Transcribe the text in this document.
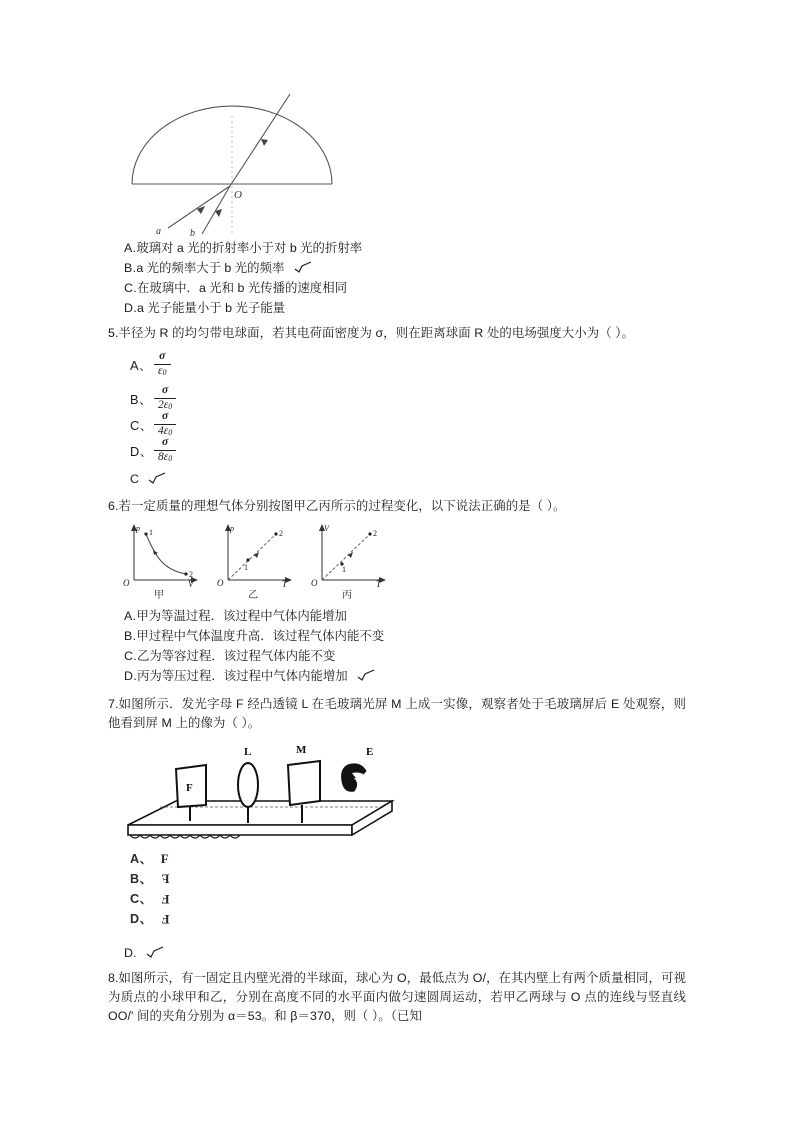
O
a	b
A.玻璃对 a 光的折射率小于对 b 光的折射率
B.a 光的频率大于 b 光的频率
C.在玻璃中．a 光和 b 光传播的速度相同
D.a 光子能量小于 b 光子能量
5.半径为 R 的均匀带电球面，若其电荷面密度为 σ，则在距离球面 R 处的电场强度大小为（ ）。
A、 $\frac{\sigma}{\varepsilon 0}$
B、 $\frac{\sigma}{2\varepsilon 0}$
C、 $\frac{\sigma}{4\varepsilon 0}$
D、 $\frac{\sigma}{8\varepsilon 0}$
C
6.若一定质量的理想气体分别按图甲乙丙所示的过程变化，以下说法正确的是（ ）。
p 1
2
O	V
甲
p
1
2
O	T
乙
V
1
2
O	T
丙
A.甲为等温过程．该过程中气体内能增加
B.甲过程中气体温度升高．该过程气体内能不变
C.乙为等容过程．该过程气体内能不变
D.丙为等压过程．该过程中气体内能增加
7.如图所示．发光字母 F 经凸透镜 L 在毛玻璃光屏 M 上成一实像，观察者处于毛玻璃屏后 E 处观察，则他看到屏 M 上的像为（ ）。
F
L	M	E
A、 F
B、 F
C、 F
D、 F
D.
8.如图所示，有一固定且内壁光滑的半球面，球心为 O，最低点为 O/，在其内壁上有两个质量相同，可视为质点的小球甲和乙，分别在高度不同的水平面内做匀速圆周运动，若甲乙两球与 O 点的连线与竖直线 OO/' 间的夹角分别为 α＝53。和 β＝370，则（ ）。（已知
